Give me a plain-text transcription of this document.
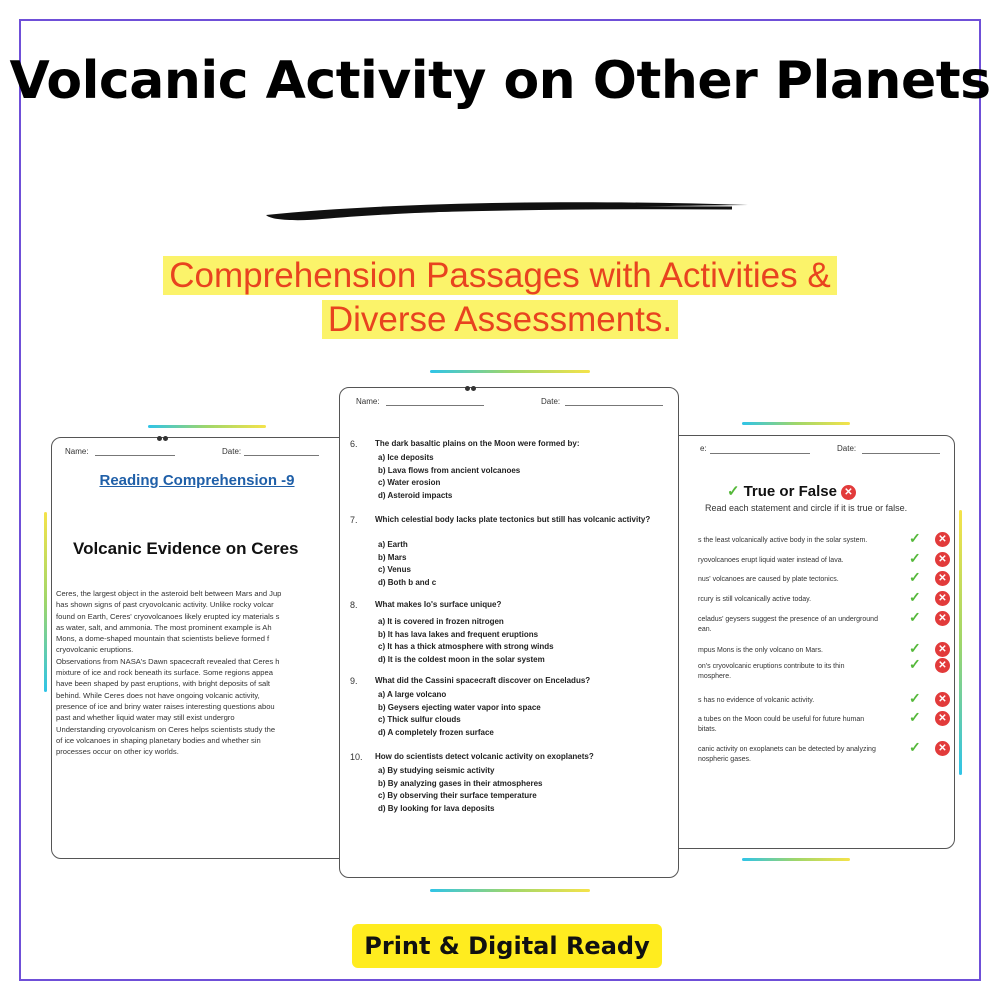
Volcanic Activity on Other Planets
Comprehension Passages with Activities &
Diverse Assessments.
Name:	Date:
Reading Comprehension -9
Volcanic Evidence on Ceres
Ceres, the largest object in the asteroid belt between Mars and Jup
has shown signs of past cryovolcanic activity. Unlike rocky volcar
found on Earth, Ceres' cryovolcanoes likely erupted icy materials s
as water, salt, and ammonia. The most prominent example is Ah
Mons, a dome-shaped mountain that scientists believe formed f
cryovolcanic eruptions.
Observations from NASA's Dawn spacecraft revealed that Ceres h
mixture of ice and rock beneath its surface. Some regions appea
have been shaped by past eruptions, with bright deposits of salt
behind. While Ceres does not have ongoing volcanic activity,
presence of ice and briny water raises interesting questions abou
past and whether liquid water may still exist undergro
Understanding cryovolcanism on Ceres helps scientists study the
of ice volcanoes in shaping planetary bodies and whether sin
processes occur on other icy worlds.
e:	Date:
✓ True or False ✕
Read each statement and circle if it is true or false.
s the least volcanically active body in the solar system.	✓	✕
ryovolcanoes erupt liquid water instead of lava.	✓	✕
nus' volcanoes are caused by plate tectonics.	✓	✕
rcury is still volcanically active today.	✓	✕
celadus' geysers suggest the presence of an underground
ean.
✓	✕
mpus Mons is the only volcano on Mars.	✓	✕
on's cryovolcanic eruptions contribute to its thin
mosphere.
✓	✕
s has no evidence of volcanic activity.	✓	✕
a tubes on the Moon could be useful for future human
bitats.
✓	✕
canic activity on exoplanets can be detected by analyzing
nospheric gases.
✓	✕
Name:	Date:
6. The dark basaltic plains on the Moon were formed by:
a) Ice deposits
b) Lava flows from ancient volcanoes
c) Water erosion
d) Asteroid impacts
7. Which celestial body lacks plate tectonics but still has volcanic activity?
a) Earth
b) Mars
c) Venus
d) Both b and c
8. What makes Io's surface unique?
a) It is covered in frozen nitrogen
b) It has lava lakes and frequent eruptions
c) It has a thick atmosphere with strong winds
d) It is the coldest moon in the solar system
9. What did the Cassini spacecraft discover on Enceladus?
a) A large volcano
b) Geysers ejecting water vapor into space
c) Thick sulfur clouds
d) A completely frozen surface
10. How do scientists detect volcanic activity on exoplanets?
a) By studying seismic activity
b) By analyzing gases in their atmospheres
c) By observing their surface temperature
d) By looking for lava deposits
Print & Digital Ready
